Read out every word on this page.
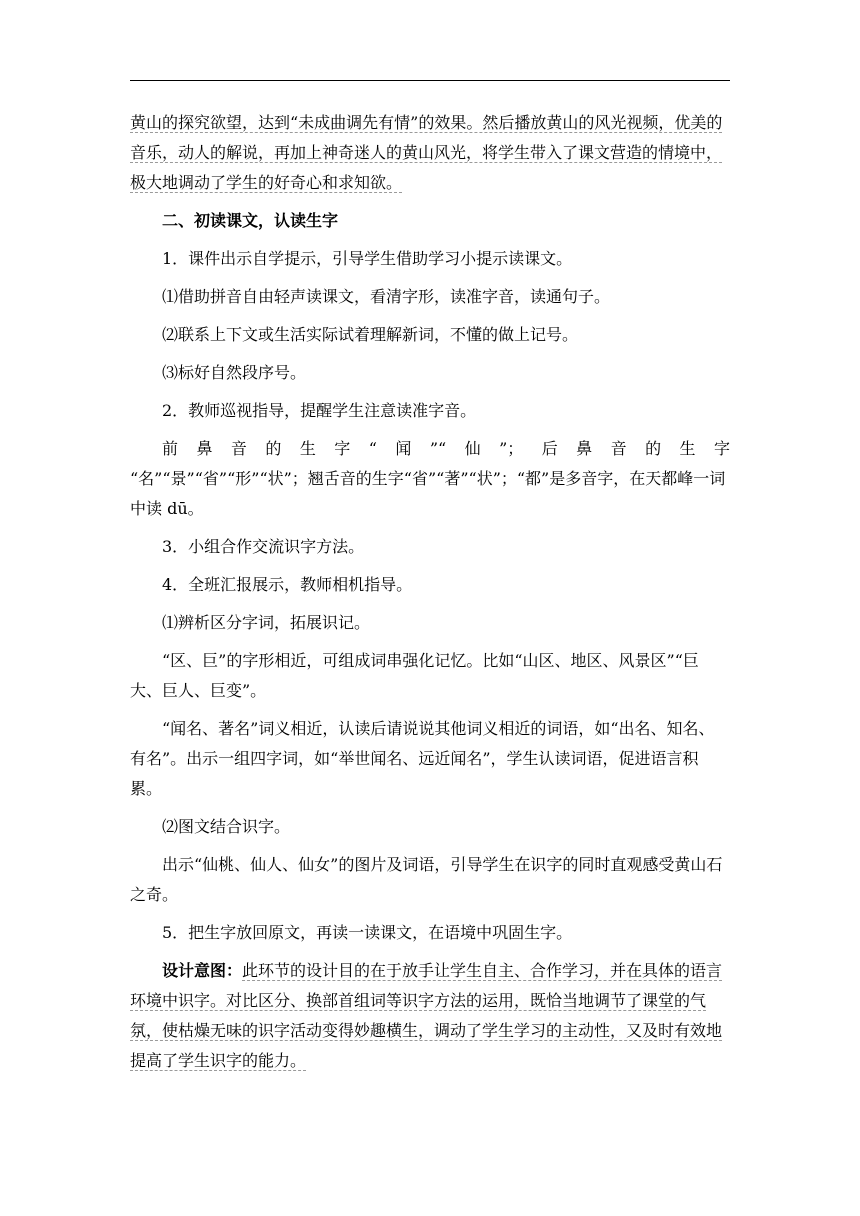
黄山的探究欲望，达到“未成曲调先有情”的效果。然后播放黄山的风光视频，优美的音乐，动人的解说，再加上神奇迷人的黄山风光，将学生带入了课文营造的情境中，极大地调动了学生的好奇心和求知欲。

二、初读课文，认读生字

1．课件出示自学提示，引导学生借助学习小提示读课文。

⑴借助拼音自由轻声读课文，看清字形，读准字音，读通句子。

⑵联系上下文或生活实际试着理解新词，不懂的做上记号。

⑶标好自然段序号。

2．教师巡视指导，提醒学生注意读准字音。

前鼻音的生字“闻”“仙”；后鼻音的生字

“名”“景”“省”“形”“状”；翘舌音的生字“省”“著”“状”；“都”是多音字，在天都峰一词中读 dū。

3．小组合作交流识字方法。

4．全班汇报展示，教师相机指导。

⑴辨析区分字词，拓展识记。

“区、巨”的字形相近，可组成词串强化记忆。比如“山区、地区、风景区”“巨大、巨人、巨变”。

“闻名、著名”词义相近，认读后请说说其他词义相近的词语，如“出名、知名、有名”。出示一组四字词，如“举世闻名、远近闻名”，学生认读词语，促进语言积累。

⑵图文结合识字。

出示“仙桃、仙人、仙女”的图片及词语，引导学生在识字的同时直观感受黄山石之奇。

5．把生字放回原文，再读一读课文，在语境中巩固生字。

设计意图：此环节的设计目的在于放手让学生自主、合作学习，并在具体的语言环境中识字。对比区分、换部首组词等识字方法的运用，既恰当地调节了课堂的气氛，使枯燥无味的识字活动变得妙趣横生，调动了学生学习的主动性，又及时有效地提高了学生识字的能力。
